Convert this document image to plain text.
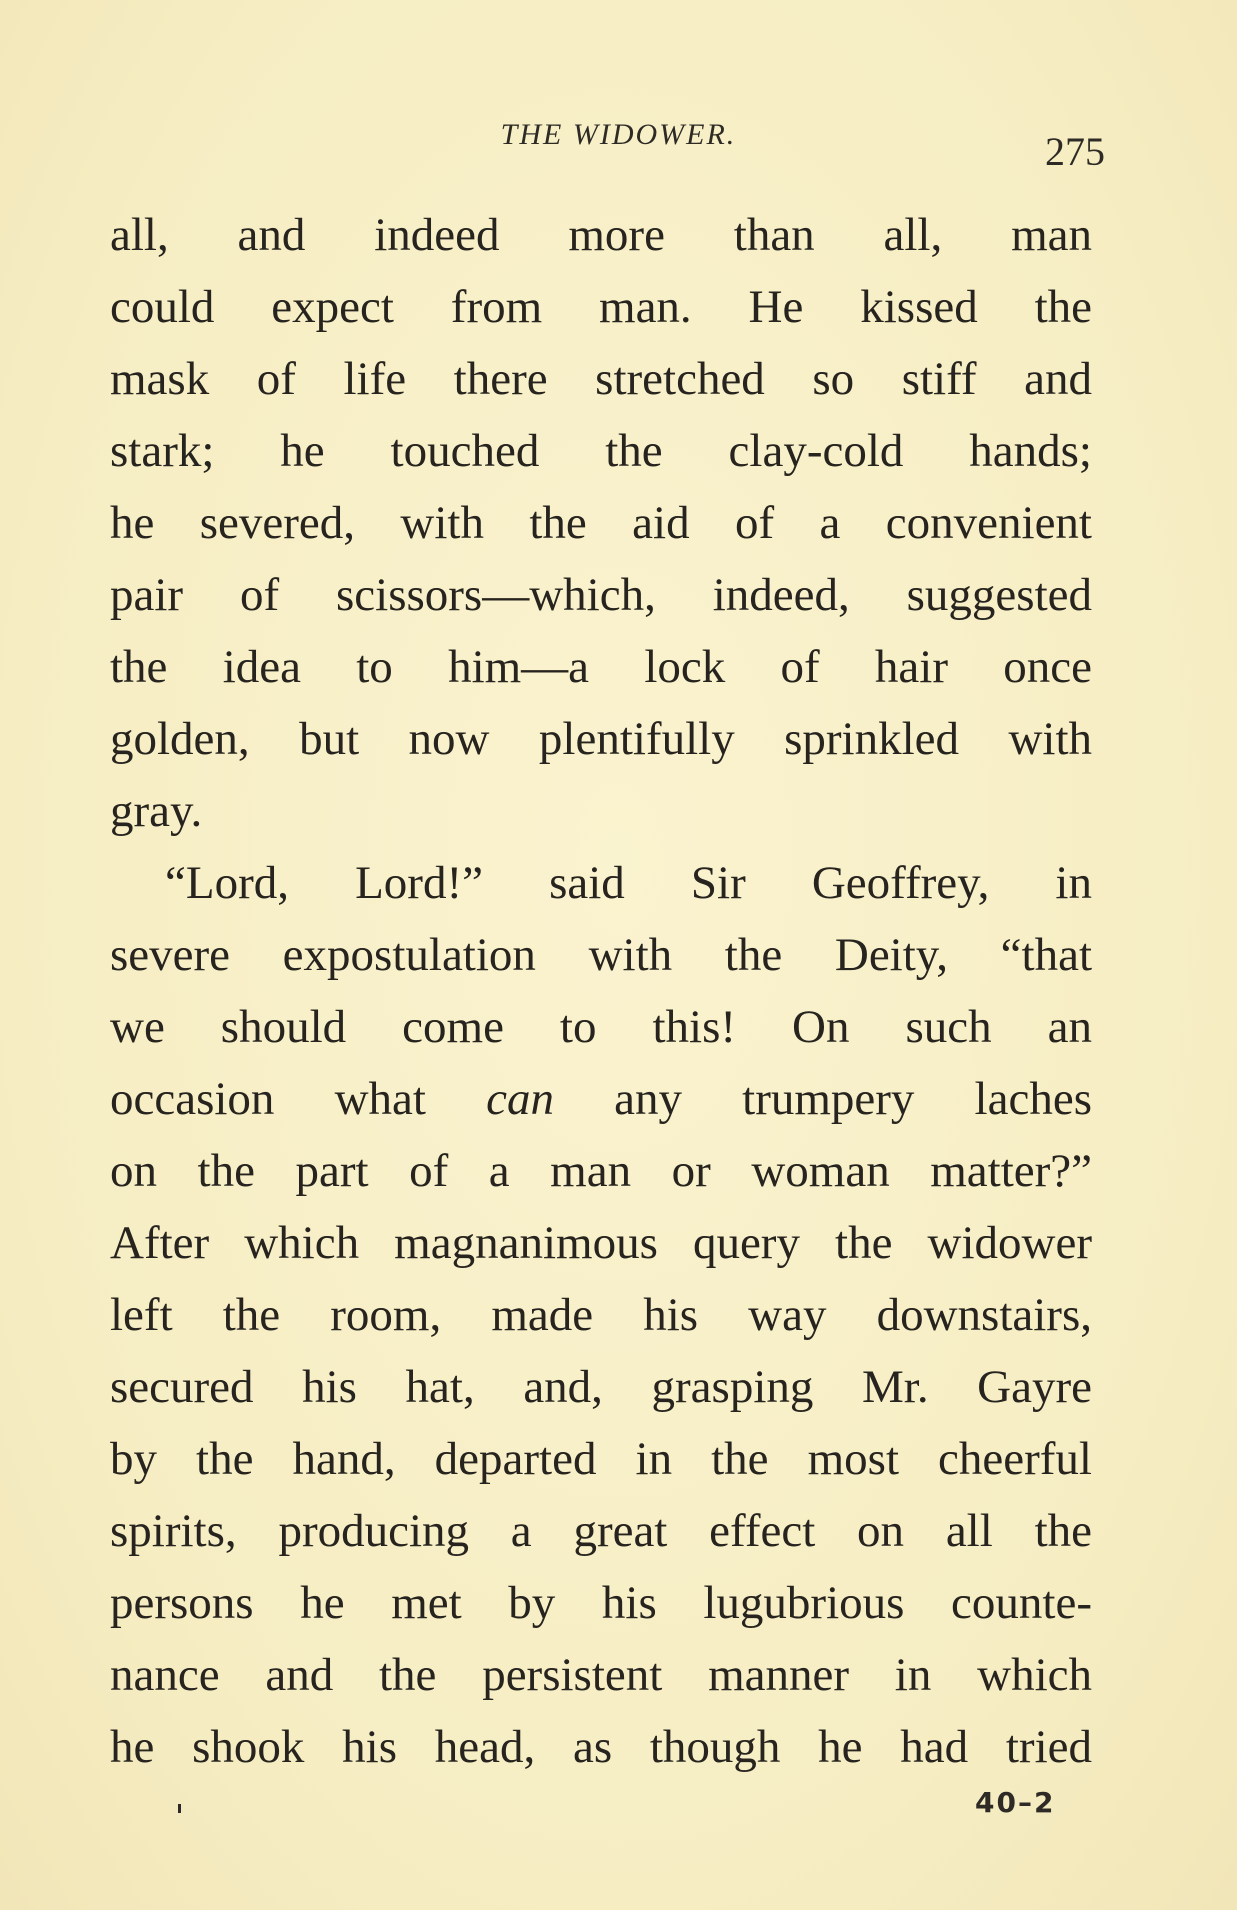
THE WIDOWER.	275
all, and indeed more than all, man
could expect from man. He kissed the
mask of life there stretched so stiff and
stark; he touched the clay-cold hands;
he severed, with the aid of a convenient
pair of scissors—which, indeed, suggested
the idea to him—a lock of hair once
golden, but now plentifully sprinkled with
gray.
“Lord, Lord!” said Sir Geoffrey, in
severe expostulation with the Deity, “that
we should come to this! On such an
occasion what can any trumpery laches
on the part of a man or woman matter?”
After which magnanimous query the widower
left the room, made his way downstairs,
secured his hat, and, grasping Mr. Gayre
by the hand, departed in the most cheerful
spirits, producing a great effect on all the
persons he met by his lugubrious counte-
nance and the persistent manner in which
he shook his head, as though he had tried
40–2
